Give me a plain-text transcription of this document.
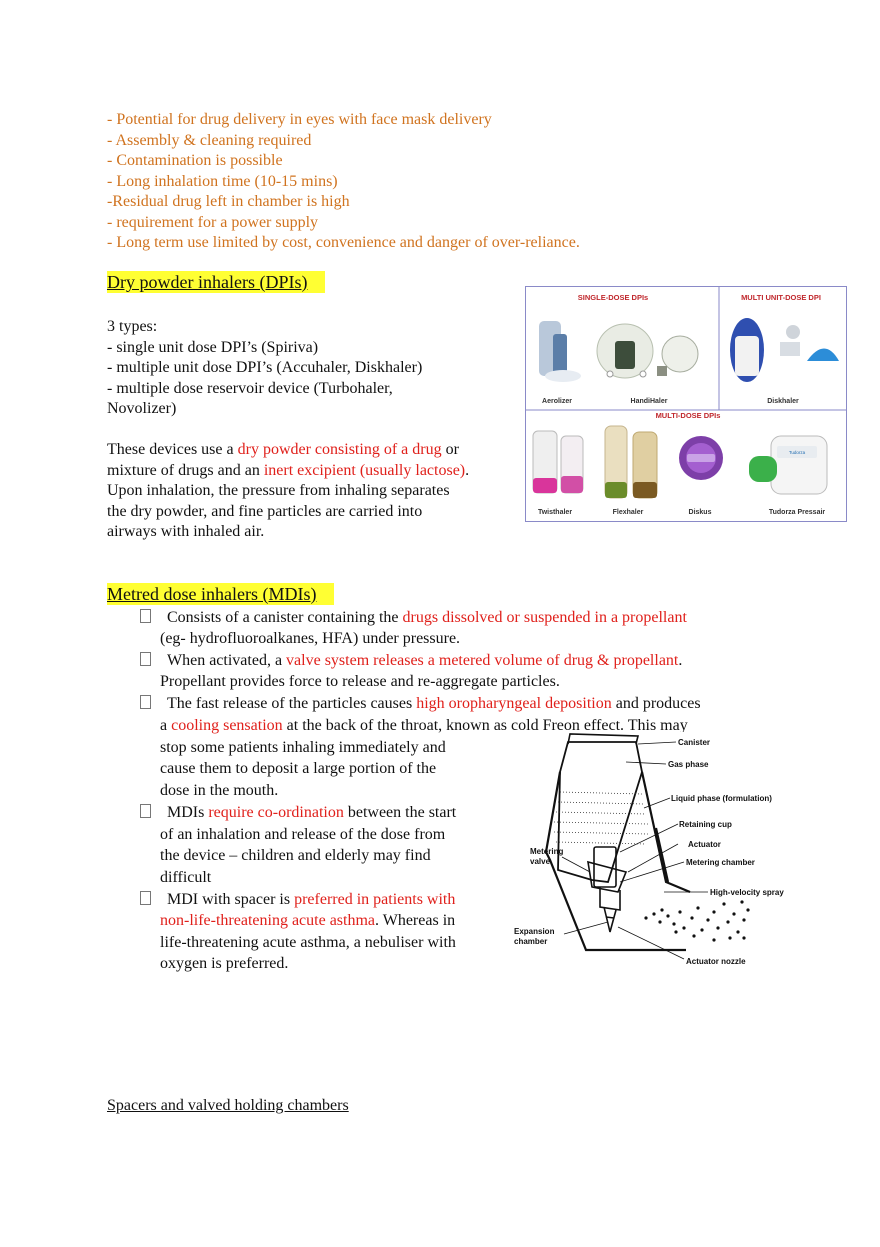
- Potential for drug delivery in eyes with face mask delivery
- Assembly & cleaning required
- Contamination is possible
- Long inhalation time (10-15 mins)
-Residual drug left in chamber is high
- requirement for a power supply
- Long term use limited by cost, convenience and danger of over-reliance.
Dry powder inhalers (DPIs)
3 types:
- single unit dose DPI’s (Spiriva)
- multiple unit dose DPI’s (Accuhaler, Diskhaler)
- multiple dose reservoir device (Turbohaler,
Novolizer)
These devices use a dry powder consisting of a drug or
mixture of drugs and an inert excipient (usually lactose).
Upon inhalation, the pressure from inhaling separates
the dry powder, and fine particles are carried into
airways with inhaled air.
SINGLE-DOSE DPIs	MULTI UNIT-DOSE DPI
MULTI-DOSE DPIs
Aerolizer	HandiHaler	Diskhaler
Tudorza
Twisthaler	Flexhaler	Diskus	Tudorza Pressair
Metred dose inhalers (MDIs)
Consists of a canister containing the drugs dissolved or suspended in a propellant
(eg- hydrofluoroalkanes, HFA) under pressure.
When activated, a valve system releases a metered volume of drug & propellant.
Propellant provides force to release and re-aggregate particles.
The fast release of the particles causes high oropharyngeal deposition and produces
a cooling sensation at the back of the throat, known as cold Freon effect. This may
stop some patients inhaling immediately and
cause them to deposit a large portion of the
dose in the mouth.
MDIs require co-ordination between the start
of an inhalation and release of the dose from
the device – children and elderly may find
difficult
MDI with spacer is preferred in patients with
non-life-threatening acute asthma. Whereas in
life-threatening acute asthma, a nebuliser with
oxygen is preferred.
Canister
Gas phase
Liquid phase (formulation)
Retaining cup
Actuator
Metering chamber
Metering
valve
High-velocity spray
Expansion
chamber
Actuator nozzle
Spacers and valved holding chambers
